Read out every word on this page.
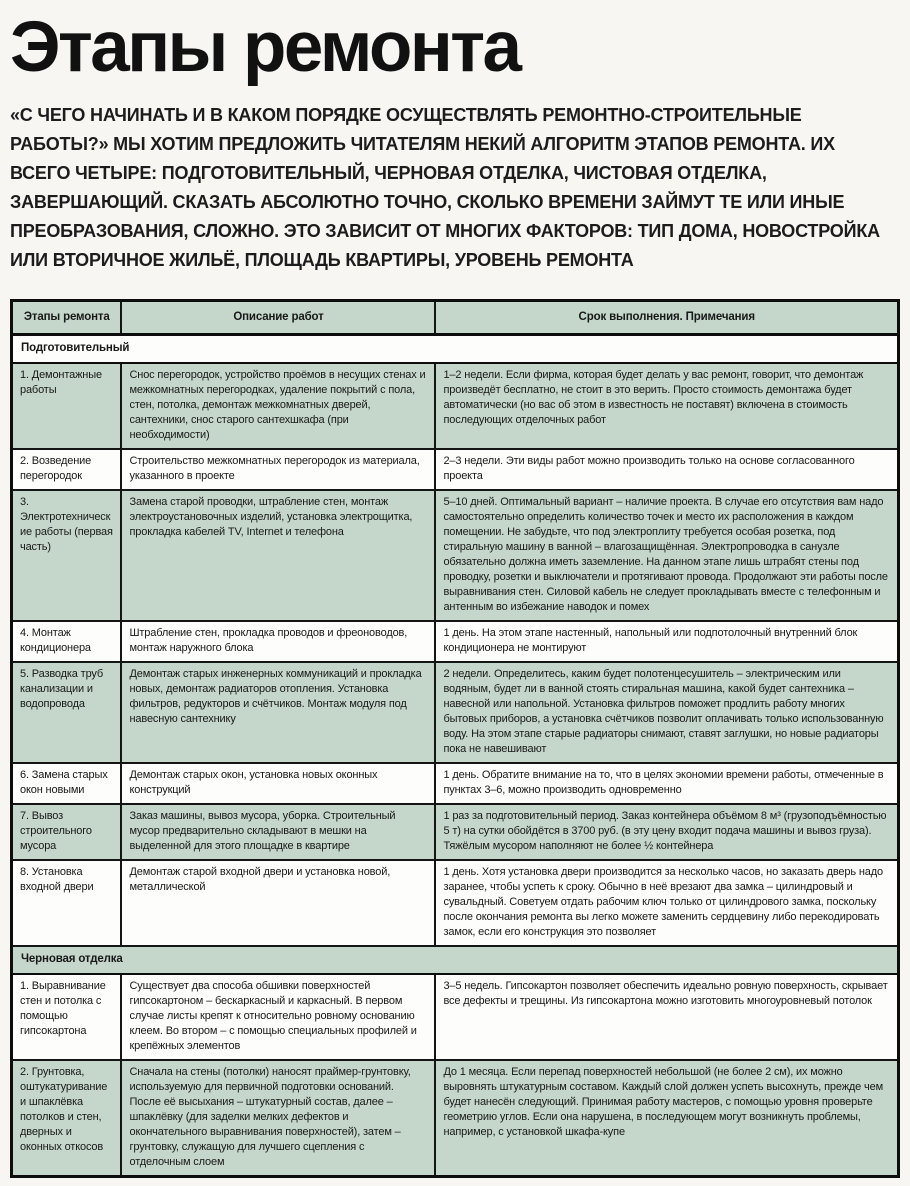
Этапы ремонта

«С ЧЕГО НАЧИНАТЬ И В КАКОМ ПОРЯДКЕ ОСУЩЕСТВЛЯТЬ РЕМОНТНО-СТРОИТЕЛЬНЫЕ РАБОТЫ?» МЫ ХОТИМ ПРЕДЛОЖИТЬ ЧИТАТЕЛЯМ НЕКИЙ АЛГОРИТМ ЭТАПОВ РЕМОНТА. ИХ ВСЕГО ЧЕТЫРЕ: ПОДГОТОВИТЕЛЬНЫЙ, ЧЕРНОВАЯ ОТДЕЛКА, ЧИСТОВАЯ ОТДЕЛКА, ЗАВЕРШАЮЩИЙ. СКАЗАТЬ АБСОЛЮТНО ТОЧНО, СКОЛЬКО ВРЕМЕНИ ЗАЙМУТ ТЕ ИЛИ ИНЫЕ ПРЕОБРАЗОВАНИЯ, СЛОЖНО. ЭТО ЗАВИСИТ ОТ МНОГИХ ФАКТОРОВ: ТИП ДОМА, НОВОСТРОЙКА ИЛИ ВТОРИЧНОЕ ЖИЛЬЁ, ПЛОЩАДЬ КВАРТИРЫ, УРОВЕНЬ РЕМОНТА

Этапы ремонта	Описание работ	Срок выполнения. Примечания
Подготовительный		
1. Демонтажные работы	Снос перегородок, устройство проёмов в несущих стенах и межкомнатных перегородках, удаление покрытий с пола, стен, потолка, демонтаж межкомнатных дверей, сантехники, снос старого сантехшкафа (при необходимости)	1–2 недели. Если фирма, которая будет делать у вас ремонт, говорит, что демонтаж произведёт бесплатно, не стоит в это верить. Просто стоимость демонтажа будет автоматически (но вас об этом в известность не поставят) включена в стоимость последующих отделочных работ
2. Возведение перегородок	Строительство межкомнатных перегородок из материала, указанного в проекте	2–3 недели. Эти виды работ можно производить только на основе согласованного проекта
3. Электротехнические работы (первая часть)	Замена старой проводки, штрабление стен, монтаж электроустановочных изделий, установка электрощитка, прокладка кабелей TV, Internet и телефона	5–10 дней. Оптимальный вариант – наличие проекта. В случае его отсутствия вам надо самостоятельно определить количество точек и место их расположения в каждом помещении. Не забудьте, что под электроплиту требуется особая розетка, под стиральную машину в ванной – влагозащищённая. Электропроводка в санузле обязательно должна иметь заземление. На данном этапе лишь штрабят стены под проводку, розетки и выключатели и протягивают провода. Продолжают эти работы после выравнивания стен. Силовой кабель не следует прокладывать вместе с телефонным и антенным во избежание наводок и помех
4. Монтаж кондиционера	Штрабление стен, прокладка проводов и фреоноводов, монтаж наружного блока	1 день. На этом этапе настенный, напольный или подпотолочный внутренний блок кондиционера не монтируют
5. Разводка труб канализации и водопровода	Демонтаж старых инженерных коммуникаций и прокладка новых, демонтаж радиаторов отопления. Установка фильтров, редукторов и счётчиков. Монтаж модуля под навесную сантехнику	2 недели. Определитесь, каким будет полотенцесушитель – электрическим или водяным, будет ли в ванной стоять стиральная машина, какой будет сантехника – навесной или напольной. Установка фильтров поможет продлить работу многих бытовых приборов, а установка счётчиков позволит оплачивать только использованную воду. На этом этапе старые радиаторы снимают, ставят заглушки, но новые радиаторы пока не навешивают
6. Замена старых окон новыми	Демонтаж старых окон, установка новых оконных конструкций	1 день. Обратите внимание на то, что в целях экономии времени работы, отмеченные в пунктах 3–6, можно производить одновременно
7. Вывоз строительного мусора	Заказ машины, вывоз мусора, уборка. Строительный мусор предварительно складывают в мешки на выделенной для этого площадке в квартире	1 раз за подготовительный период. Заказ контейнера объёмом 8 м³ (грузоподъёмностью 5 т) на сутки обойдётся в 3700 руб. (в эту цену входит подача машины и вывоз груза). Тяжёлым мусором наполняют не более ½ контейнера
8. Установка входной двери	Демонтаж старой входной двери и установка новой, металлической	1 день. Хотя установка двери производится за несколько часов, но заказать дверь надо заранее, чтобы успеть к сроку. Обычно в неё врезают два замка – цилиндровый и сувальдный. Советуем отдать рабочим ключ только от цилиндрового замка, поскольку после окончания ремонта вы легко можете заменить сердцевину либо перекодировать замок, если его конструкция это позволяет
Черновая отделка		
1. Выравнивание стен и потолка с помощью гипсокартона	Существует два способа обшивки поверхностей гипсокартоном – бескаркасный и каркасный. В первом случае листы крепят к относительно ровному основанию клеем. Во втором – с помощью специальных профилей и крепёжных элементов	3–5 недель. Гипсокартон позволяет обеспечить идеально ровную поверхность, скрывает все дефекты и трещины. Из гипсокартона можно изготовить многоуровневый потолок
2. Грунтовка, оштукатуривание и шпаклёвка потолков и стен, дверных и оконных откосов	Сначала на стены (потолки) наносят праймер-грунтовку, используемую для первичной подготовки оснований. После её высыхания – штукатурный состав, далее – шпаклёвку (для заделки мелких дефектов и окончательного выравнивания поверхностей), затем – грунтовку, служащую для лучшего сцепления с отделочным слоем	До 1 месяца. Если перепад поверхностей небольшой (не более 2 см), их можно выровнять штукатурным составом. Каждый слой должен успеть высохнуть, прежде чем будет нанесён следующий. Принимая работу мастеров, с помощью уровня проверьте геометрию углов. Если она нарушена, в последующем могут возникнуть проблемы, например, с установкой шкафа-купе
